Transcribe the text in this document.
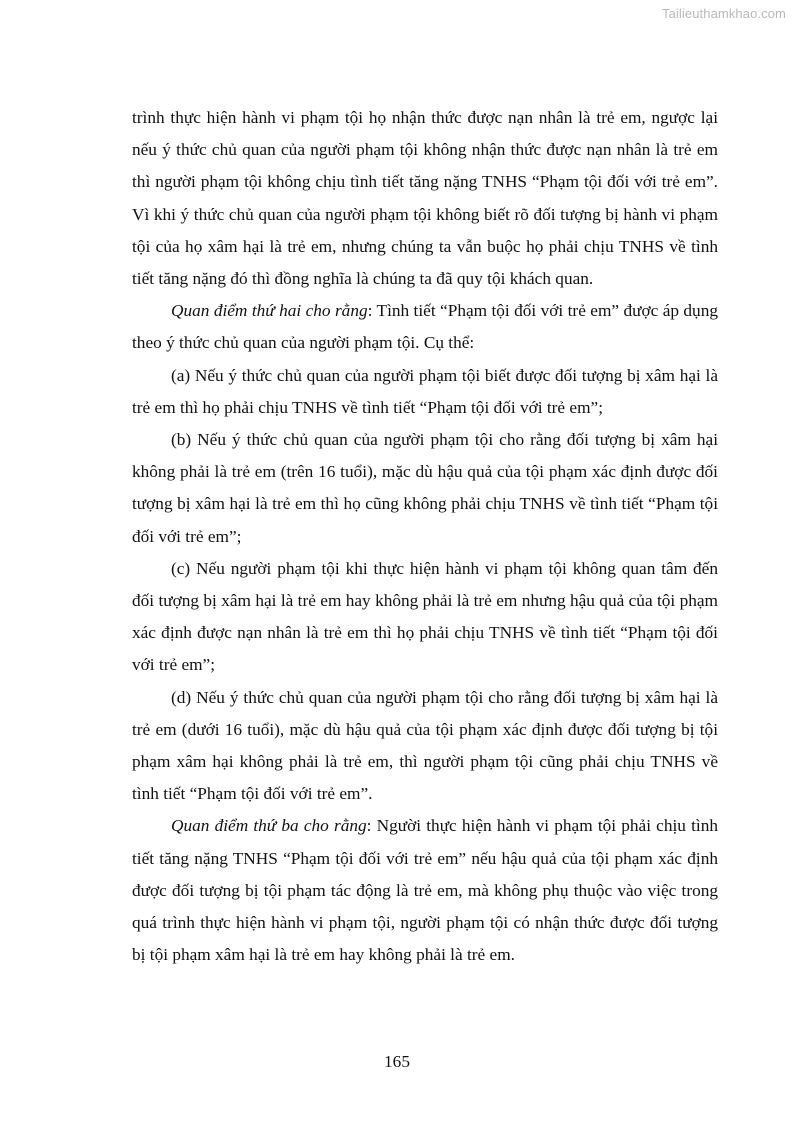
Tailieuthamkhao.com

trình thực hiện hành vi phạm tội họ nhận thức được nạn nhân là trẻ em, ngược lại nếu ý thức chủ quan của người phạm tội không nhận thức được nạn nhân là trẻ em thì người phạm tội không chịu tình tiết tăng nặng TNHS “Phạm tội đối với trẻ em”. Vì khi ý thức chủ quan của người phạm tội không biết rõ đối tượng bị hành vi phạm tội của họ xâm hại là trẻ em, nhưng chúng ta vẫn buộc họ phải chịu TNHS về tình tiết tăng nặng đó thì đồng nghĩa là chúng ta đã quy tội khách quan.

Quan điểm thứ hai cho rằng: Tình tiết “Phạm tội đối với trẻ em” được áp dụng theo ý thức chủ quan của người phạm tội. Cụ thể:

(a) Nếu ý thức chủ quan của người phạm tội biết được đối tượng bị xâm hại là trẻ em thì họ phải chịu TNHS về tình tiết “Phạm tội đối với trẻ em”;

(b) Nếu ý thức chủ quan của người phạm tội cho rằng đối tượng bị xâm hại không phải là trẻ em (trên 16 tuổi), mặc dù hậu quả của tội phạm xác định được đối tượng bị xâm hại là trẻ em thì họ cũng không phải chịu TNHS về tình tiết “Phạm tội đối với trẻ em”;

(c) Nếu người phạm tội khi thực hiện hành vi phạm tội không quan tâm đến đối tượng bị xâm hại là trẻ em hay không phải là trẻ em nhưng hậu quả của tội phạm xác định được nạn nhân là trẻ em thì họ phải chịu TNHS về tình tiết “Phạm tội đối với trẻ em”;

(d) Nếu ý thức chủ quan của người phạm tội cho rằng đối tượng bị xâm hại là trẻ em (dưới 16 tuổi), mặc dù hậu quả của tội phạm xác định được đối tượng bị tội phạm xâm hại không phải là trẻ em, thì người phạm tội cũng phải chịu TNHS về tình tiết “Phạm tội đối với trẻ em”.

Quan điểm thứ ba cho rằng: Người thực hiện hành vi phạm tội phải chịu tình tiết tăng nặng TNHS “Phạm tội đối với trẻ em” nếu hậu quả của tội phạm xác định được đối tượng bị tội phạm tác động là trẻ em, mà không phụ thuộc vào việc trong quá trình thực hiện hành vi phạm tội, người phạm tội có nhận thức được đối tượng bị tội phạm xâm hại là trẻ em hay không phải là trẻ em.

165
